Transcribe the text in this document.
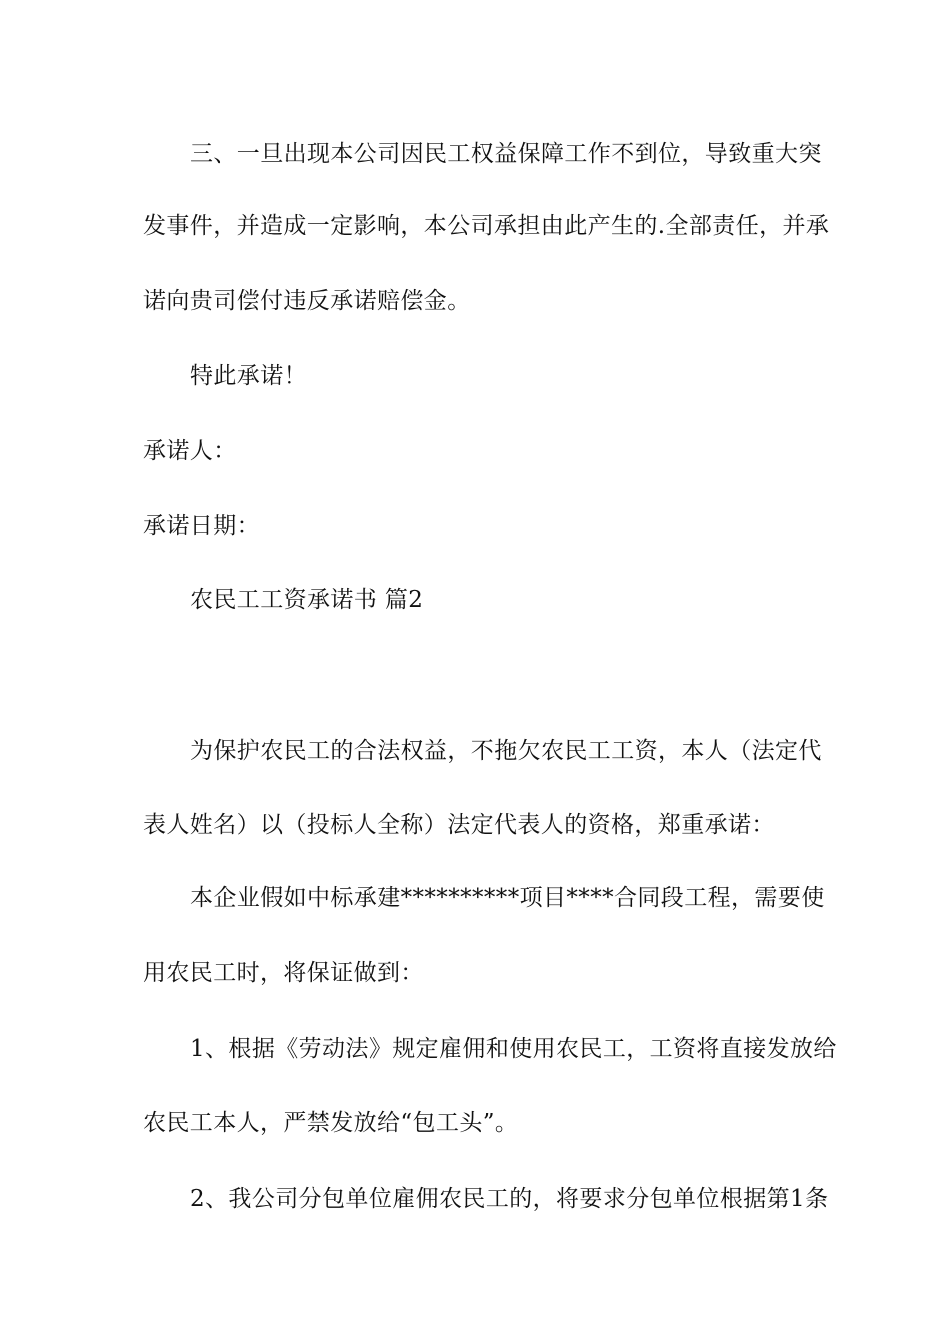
三、一旦出现本公司因民工权益保障工作不到位，导致重大突
发事件，并造成一定影响，本公司承担由此产生的.全部责任，并承
诺向贵司偿付违反承诺赔偿金。
特此承诺！
承诺人：
承诺日期：
农民工工资承诺书 篇2
为保护农民工的合法权益，不拖欠农民工工资，本人（法定代
表人姓名）以（投标人全称）法定代表人的资格，郑重承诺：
本企业假如中标承建**********项目****合同段工程，需要使
用农民工时，将保证做到：
1、根据《劳动法》规定雇佣和使用农民工，工资将直接发放给
农民工本人，严禁发放给“包工头”。
2、我公司分包单位雇佣农民工的，将要求分包单位根据第1条
